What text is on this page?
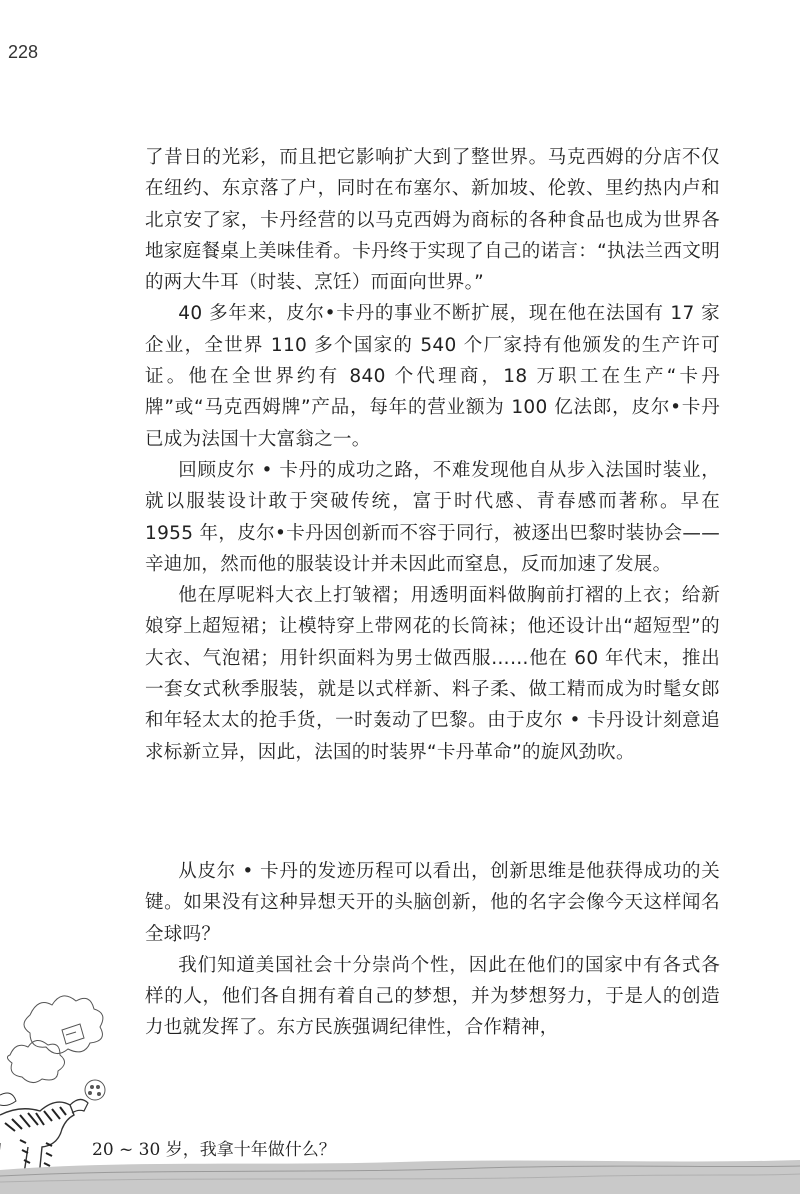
228

了昔日的光彩，而且把它影响扩大到了整世界。马克西姆的分店不仅在纽约、东京落了户，同时在布塞尔、新加坡、伦敦、里约热内卢和北京安了家，卡丹经营的以马克西姆为商标的各种食品也成为世界各地家庭餐桌上美味佳肴。卡丹终于实现了自己的诺言：“执法兰西文明的两大牛耳（时装、烹饪）而面向世界。”

40 多年来，皮尔•卡丹的事业不断扩展，现在他在法国有 17 家企业，全世界 110 多个国家的 540 个厂家持有他颁发的生产许可证。他在全世界约有 840 个代理商，18 万职工在生产“卡丹牌”或“马克西姆牌”产品，每年的营业额为 100 亿法郎，皮尔•卡丹已成为法国十大富翁之一。

回顾皮尔 • 卡丹的成功之路，不难发现他自从步入法国时装业，就以服装设计敢于突破传统，富于时代感、青春感而著称。早在 1955 年，皮尔•卡丹因创新而不容于同行，被逐出巴黎时装协会——辛迪加，然而他的服装设计并未因此而窒息，反而加速了发展。

他在厚呢料大衣上打皱褶；用透明面料做胸前打褶的上衣；给新娘穿上超短裙；让模特穿上带网花的长筒袜；他还设计出“超短型”的大衣、气泡裙；用针织面料为男士做西服……他在 60 年代末，推出一套女式秋季服装，就是以式样新、料子柔、做工精而成为时髦女郎和年轻太太的抢手货，一时轰动了巴黎。由于皮尔 • 卡丹设计刻意追求标新立异，因此，法国的时装界“卡丹革命”的旋风劲吹。

从皮尔 • 卡丹的发迹历程可以看出，创新思维是他获得成功的关键。如果没有这种异想天开的头脑创新，他的名字会像今天这样闻名全球吗？

我们知道美国社会十分崇尚个性，因此在他们的国家中有各式各样的人，他们各自拥有着自己的梦想，并为梦想努力，于是人的创造力也就发挥了。东方民族强调纪律性，合作精神，

20 ~ 30 岁，我拿十年做什么？
